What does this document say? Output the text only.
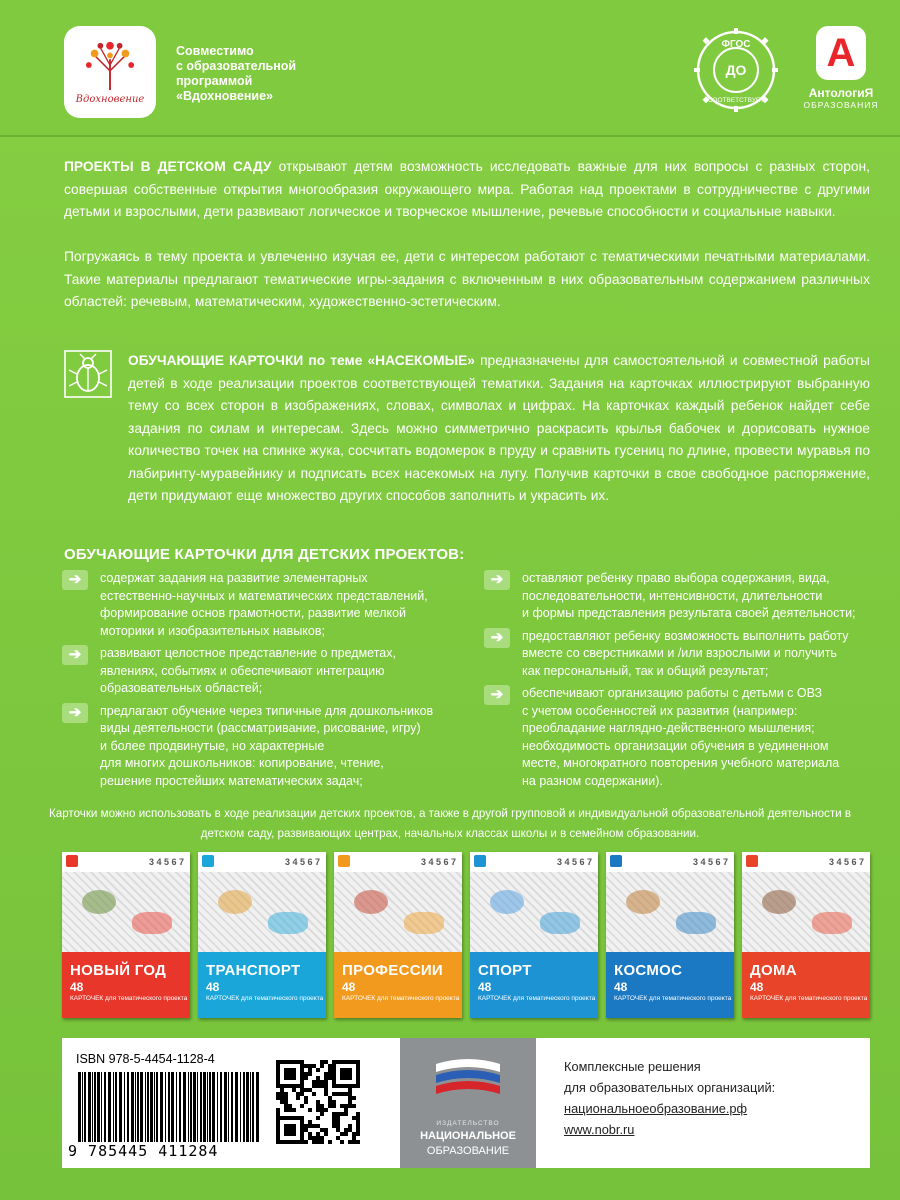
Вдохновение
Совместимо
с образовательной
программой
«Вдохновение»
ФГОС
ДО
СООТВЕТСТВУЕТ
А
АнтологиЯ
ОБРАЗОВАНИЯ
ПРОЕКТЫ В ДЕТСКОМ САДУ открывают детям возможность исследовать важные для них вопросы с разных сторон, совершая собственные открытия многообразия окружающего мира. Работая над проектами в сотрудничестве с другими детьми и взрослыми, дети развивают логическое и творческое мышление, речевые способности и социальные навыки.
Погружаясь в тему проекта и увлеченно изучая ее, дети с интересом работают с тематическими печатными материалами. Такие материалы предлагают тематические игры-задания с включенным в них образовательным содержанием различных областей: речевым, математическим, художественно-эстетическим.
ОБУЧАЮЩИЕ КАРТОЧКИ по теме «НАСЕКОМЫЕ» предназначены для самостоятельной и совместной работы детей в ходе реализации проектов соответствующей тематики. Задания на карточках иллюстрируют выбранную тему со всех сторон в изображениях, словах, символах и цифрах. На карточках каждый ребенок найдет себе задания по силам и интересам. Здесь можно симметрично раскрасить крылья бабочек и дорисовать нужное количество точек на спинке жука, сосчитать водомерок в пруду и сравнить гусениц по длине, провести муравья по лабиринту-муравейнику и подписать всех насекомых на лугу. Получив карточки в свое свободное распоряжение, дети придумают еще множество других способов заполнить и украсить их.
ОБУЧАЮЩИЕ КАРТОЧКИ ДЛЯ ДЕТСКИХ ПРОЕКТОВ:
➔	содержат задания на развитие элементарных
естественно-научных и математических представлений,
формирование основ грамотности, развитие мелкой
моторики и изобразительных навыков;
➔	развивают целостное представление о предметах,
явлениях, событиях и обеспечивают интеграцию
образовательных областей;
➔	предлагают обучение через типичные для дошкольников
виды деятельности (рассматривание, рисование, игру)
и более продвинутые, но характерные
для многих дошкольников: копирование, чтение,
решение простейших математических задач;
➔	оставляют ребенку право выбора содержания, вида,
последовательности, интенсивности, длительности
и формы представления результата своей деятельности;
➔	предоставляют ребенку возможность выполнить работу
вместе со сверстниками и /или взрослыми и получить
как персональный, так и общий результат;
➔	обеспечивают организацию работы с детьми с ОВЗ
с учетом особенностей их развития (например:
преобладание наглядно-действенного мышления;
необходимость организации обучения в уединенном
месте, многократного повторения учебного материала
на разном содержании).
Карточки можно использовать в ходе реализации детских проектов, а также в другой групповой и индивидуальной образовательной деятельности в детском саду, развивающих центрах, начальных классах школы и в семейном образовании.
3 4 5 6 7
НОВЫЙ ГОД
48
КАРТОЧЕК для тематического проекта
3 4 5 6 7
ТРАНСПОРТ
48
КАРТОЧЕК для тематического проекта
3 4 5 6 7
ПРОФЕССИИ
48
КАРТОЧЕК для тематического проекта
3 4 5 6 7
СПОРТ
48
КАРТОЧЕК для тематического проекта
3 4 5 6 7
КОСМОС
48
КАРТОЧЕК для тематического проекта
3 4 5 6 7
ДОМА
48
КАРТОЧЕК для тематического проекта
ISBN 978-5-4454-1128-4
9 785445 411284
ИЗДАТЕЛЬСТВО
НАЦИОНАЛЬНОЕ
ОБРАЗОВАНИЕ
Комплексные решения
для образовательных организаций:
национальноеобразование.рф
www.nobr.ru
